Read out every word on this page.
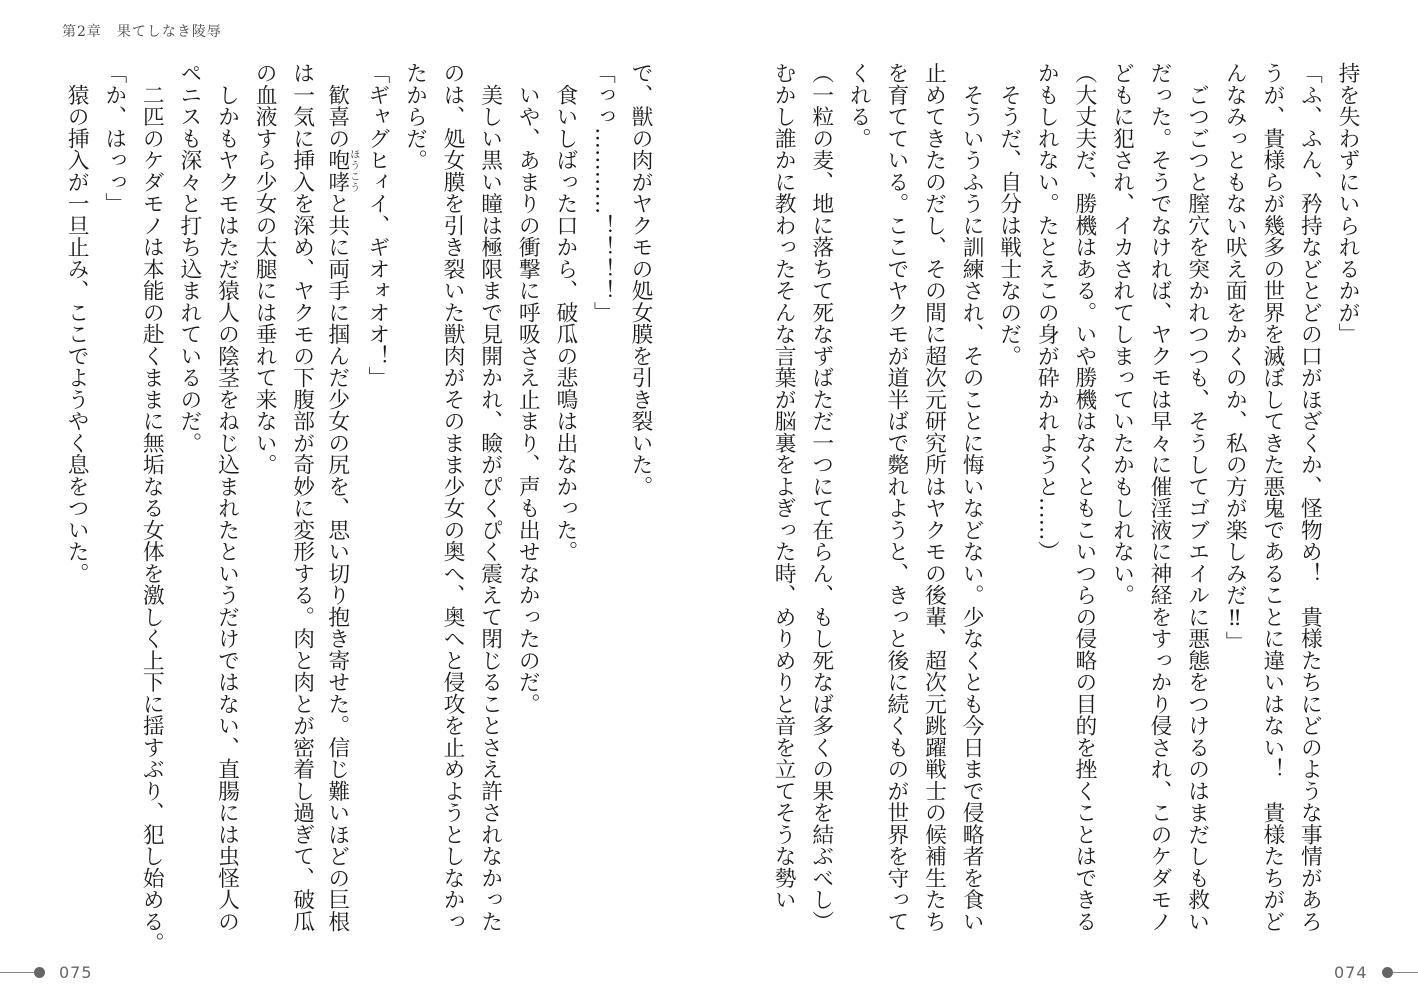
第2章　果てしなき陵辱
持を失わずにいられるかが」
「ふ、ふん、矜持などとどの口がほざくか、怪物め！　貴様たちにどのような事情があろ
うが、貴様らが幾多の世界を滅ぼしてきた悪鬼であることに違いはない！　貴様たちがど
んなみっともない吠え面をかくのか、私の方が楽しみだ‼」
　ごつごつと膣穴を突かれつつも、そうしてゴブエイルに悪態をつけるのはまだしも救い
だった。そうでなければ、ヤクモは早々に催淫液に神経をすっかり侵され、このケダモノ
どもに犯され、イカされてしまっていたかもしれない。
（大丈夫だ、勝機はある。いや勝機はなくともこいつらの侵略の目的を挫くことはできる
かもしれない。たとえこの身が砕かれようと……）
　そうだ、自分は戦士なのだ。
　そういうふうに訓練され、そのことに悔いなどない。少なくとも今日まで侵略者を食い
止めてきたのだし、その間に超次元研究所はヤクモの後輩、超次元跳躍戦士の候補生たち
を育てている。ここでヤクモが道半ばで斃れようと、きっと後に続くものが世界を守って
くれる。
（一粒の麦、地に落ちて死なずばただ一つにて在らん、もし死なば多くの果を結ぶべし）
むかし誰かに教わったそんな言葉が脳裏をよぎった時、めりめりと音を立てそうな勢い
で、獣の肉がヤクモの処女膜を引き裂いた。
「っっ…………！！！！」
　食いしばった口から、破瓜の悲鳴は出なかった。
　いや、あまりの衝撃に呼吸さえ止まり、声も出せなかったのだ。
　美しい黒い瞳は極限まで見開かれ、瞼がぴくぴく震えて閉じることさえ許されなかった
のは、処女膜を引き裂いた獣肉がそのまま少女の奥へ、奥へと侵攻を止めようとしなかっ
たからだ。
「ギャグヒィイ、ギオォオオ！」
　歓喜の咆哮ほうこうと共に両手に掴んだ少女の尻を、思い切り抱き寄せた。信じ難いほどの巨根
は一気に挿入を深め、ヤクモの下腹部が奇妙に変形する。肉と肉とが密着し過ぎて、破瓜
の血液すら少女の太腿には垂れて来ない。
　しかもヤクモはただ猿人の陰茎をねじ込まれたというだけではない、直腸には虫怪人の
ペニスも深々と打ち込まれているのだ。
　二匹のケダモノは本能の赴くままに無垢なる女体を激しく上下に揺すぶり、犯し始める。
「か、はっっ」
　猿の挿入が一旦止み、ここでようやく息をついた。
075	074
